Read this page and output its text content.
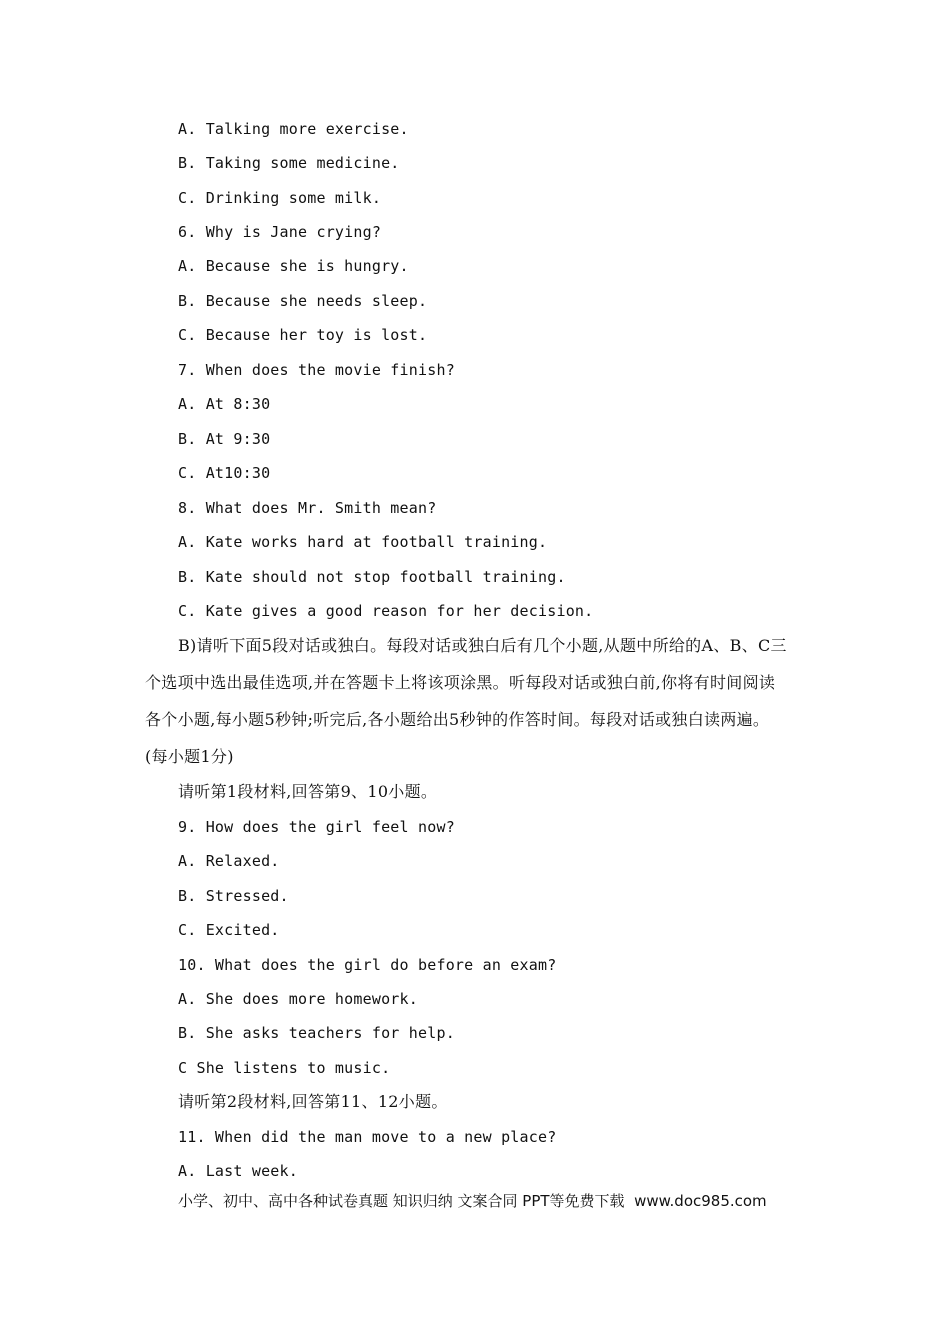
A. Talking more exercise.
B. Taking some medicine.
C. Drinking some milk.
6. Why is Jane crying?
A. Because she is hungry.
B. Because she needs sleep.
C. Because her toy is lost.
7. When does the movie finish?
A. At 8:30
B. At 9:30
C. At10:30
8. What does Mr. Smith mean?
A. Kate works hard at football training.
B. Kate should not stop football training.
C. Kate gives a good reason for her decision.
B)请听下面5段对话或独白。每段对话或独白后有几个小题,从题中所给的A、B、C三
个选项中选出最佳选项,并在答题卡上将该项涂黑。听每段对话或独白前,你将有时间阅读
各个小题,每小题5秒钟;听完后,各小题给出5秒钟的作答时间。每段对话或独白读两遍。
(每小题1分)
请听第1段材料,回答第9、10小题。
9. How does the girl feel now?
A. Relaxed.
B. Stressed.
C. Excited.
10. What does the girl do before an exam?
A. She does more homework.
B. She asks teachers for help.
C She listens to music.
请听第2段材料,回答第11、12小题。
11. When did the man move to a new place?
A. Last week.
小学、初中、高中各种试卷真题 知识归纳 文案合同 PPT等免费下载  www.doc985.com
